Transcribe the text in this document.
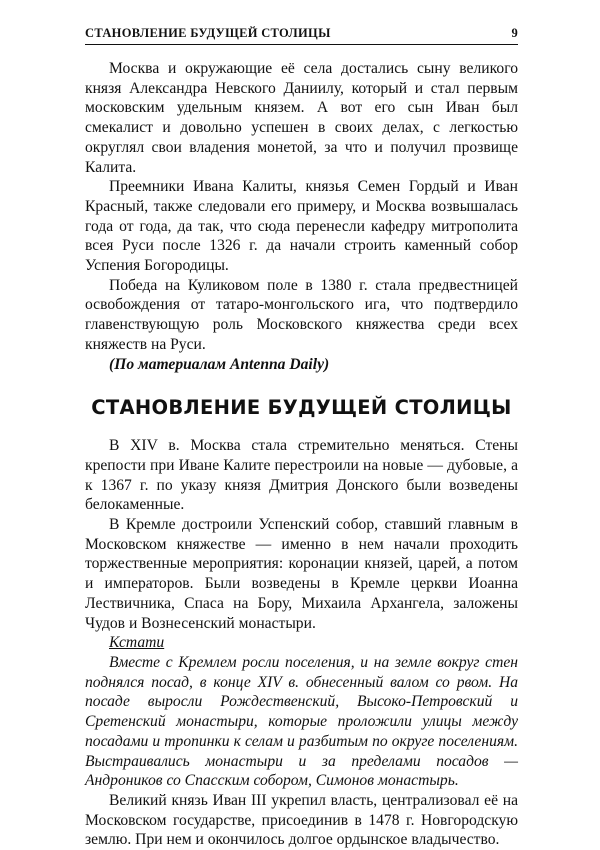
СТАНОВЛЕНИЕ БУДУЩЕЙ СТОЛИЦЫ	9

Москва и окружающие её села достались сыну великого князя Александра Невского Даниилу, который и стал первым московским удельным князем. А вот его сын Иван был смекалист и довольно успешен в своих делах, с легкостью округлял свои владения монетой, за что и получил прозвище Калита.

Преемники Ивана Калиты, князья Семен Гордый и Иван Красный, также следовали его примеру, и Москва возвышалась года от года, да так, что сюда перенесли кафедру митрополита всея Руси после 1326 г. да начали строить каменный собор Успения Богородицы.

Победа на Куликовом поле в 1380 г. стала предвестницей освобождения от татаро-монгольского ига, что подтвердило главенствующую роль Московского княжества среди всех княжеств на Руси.

(По материалам Antenna Daily)

СТАНОВЛЕНИЕ БУДУЩЕЙ СТОЛИЦЫ

В XIV в. Москва стала стремительно меняться. Стены крепости при Иване Калите перестроили на новые — дубовые, а к 1367 г. по указу князя Дмитрия Донского были возведены белокаменные.

В Кремле достроили Успенский собор, ставший главным в Московском княжестве — именно в нем начали проходить торжественные мероприятия: коронации князей, царей, а потом и императоров. Были возведены в Кремле церкви Иоанна Лествичника, Спаса на Бору, Михаила Архангела, заложены Чудов и Вознесенский монастыри.

Кстати

Вместе с Кремлем росли поселения, и на земле вокруг стен поднялся посад, в конце XIV в. обнесенный валом со рвом. На посаде выросли Рождественский, Высоко-Петровский и Сретенский монастыри, которые проложили улицы между посадами и тропинки к селам и разбитым по округе поселениям. Выстраивались монастыри и за пределами посадов — Андроников со Спасским собором, Симонов монастырь.

Великий князь Иван III укрепил власть, централизовал её на Московском государстве, присоединив в 1478 г. Новгородскую землю. При нем и окончилось долгое ордынское владычество.
